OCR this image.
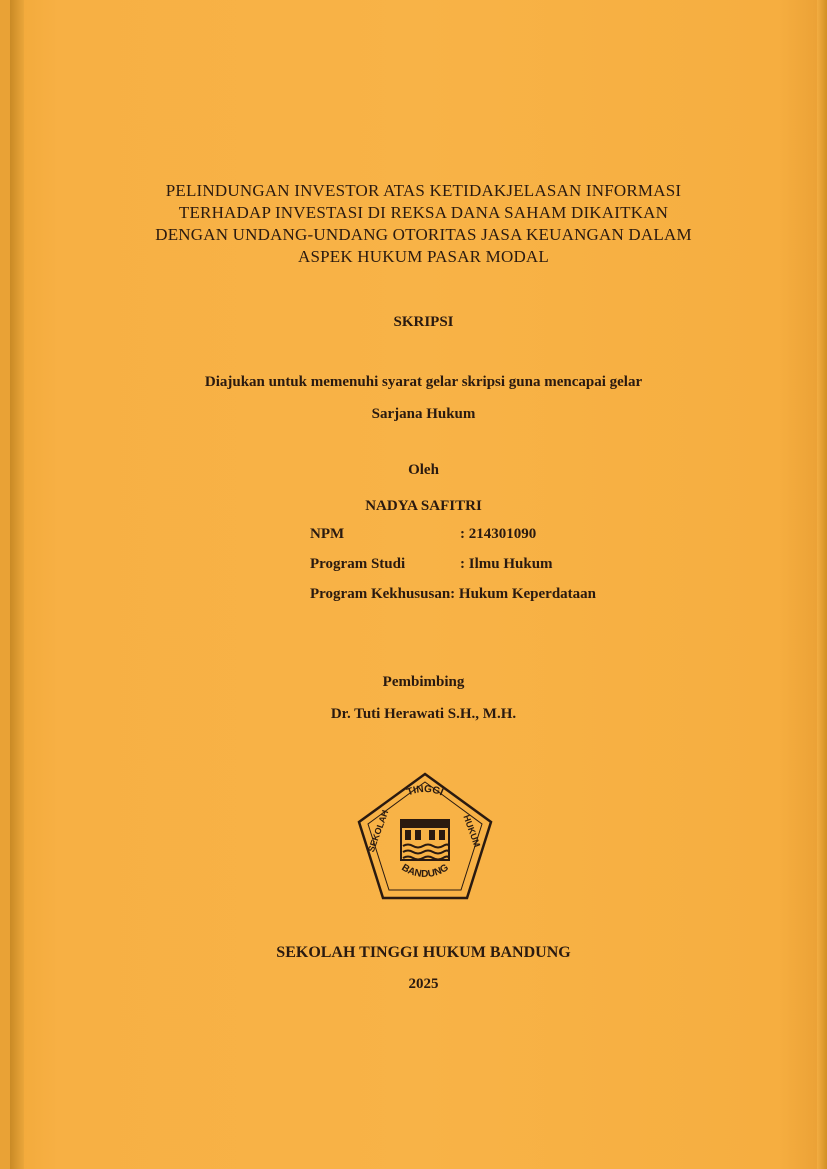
PELINDUNGAN INVESTOR ATAS KETIDAKJELASAN INFORMASI
TERHADAP INVESTASI DI REKSA DANA SAHAM DIKAITKAN
DENGAN UNDANG-UNDANG OTORITAS JASA KEUANGAN DALAM
ASPEK HUKUM PASAR MODAL
SKRIPSI
Diajukan untuk memenuhi syarat gelar skripsi guna mencapai gelar
Sarjana Hukum
Oleh
NADYA SAFITRI
NPM	: 214301090
Program Studi	: Ilmu Hukum
Program Kekhususan: Hukum Keperdataan
Pembimbing
Dr. Tuti Herawati S.H., M.H.
TINGGI
SEKOLAH	HUKUM
BANDUNG
SEKOLAH TINGGI HUKUM BANDUNG
2025
